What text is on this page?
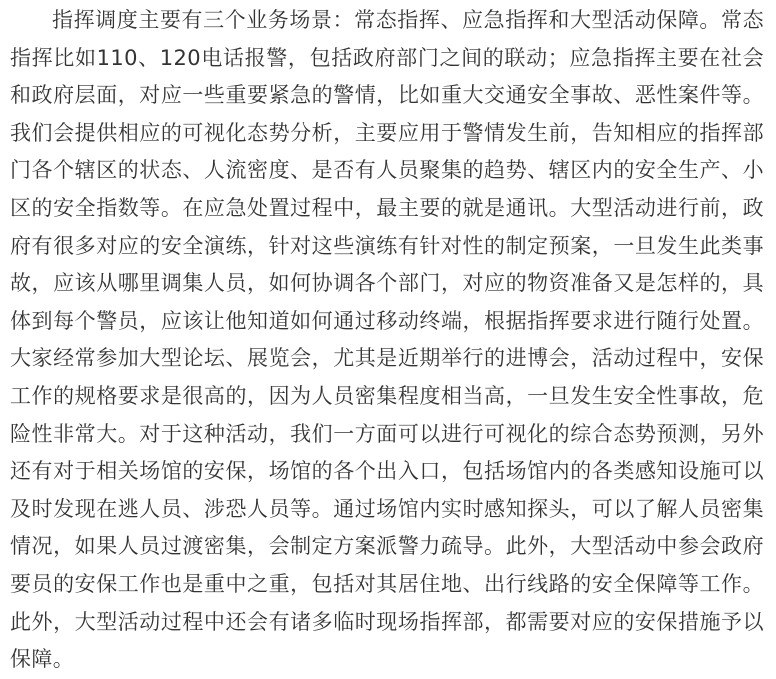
指挥调度主要有三个业务场景：常态指挥、应急指挥和大型活动保障。常态指挥比如110、120电话报警，包括政府部门之间的联动；应急指挥主要在社会和政府层面，对应一些重要紧急的警情，比如重大交通安全事故、恶性案件等。我们会提供相应的可视化态势分析，主要应用于警情发生前，告知相应的指挥部门各个辖区的状态、人流密度、是否有人员聚集的趋势、辖区内的安全生产、小区的安全指数等。在应急处置过程中，最主要的就是通讯。大型活动进行前，政府有很多对应的安全演练，针对这些演练有针对性的制定预案，一旦发生此类事故，应该从哪里调集人员，如何协调各个部门，对应的物资准备又是怎样的，具体到每个警员，应该让他知道如何通过移动终端，根据指挥要求进行随行处置。大家经常参加大型论坛、展览会，尤其是近期举行的进博会，活动过程中，安保工作的规格要求是很高的，因为人员密集程度相当高，一旦发生安全性事故，危险性非常大。对于这种活动，我们一方面可以进行可视化的综合态势预测，另外还有对于相关场馆的安保，场馆的各个出入口，包括场馆内的各类感知设施可以及时发现在逃人员、涉恐人员等。通过场馆内实时感知探头，可以了解人员密集情况，如果人员过渡密集，会制定方案派警力疏导。此外，大型活动中参会政府要员的安保工作也是重中之重，包括对其居住地、出行线路的安全保障等工作。此外，大型活动过程中还会有诸多临时现场指挥部，都需要对应的安保措施予以保障。
